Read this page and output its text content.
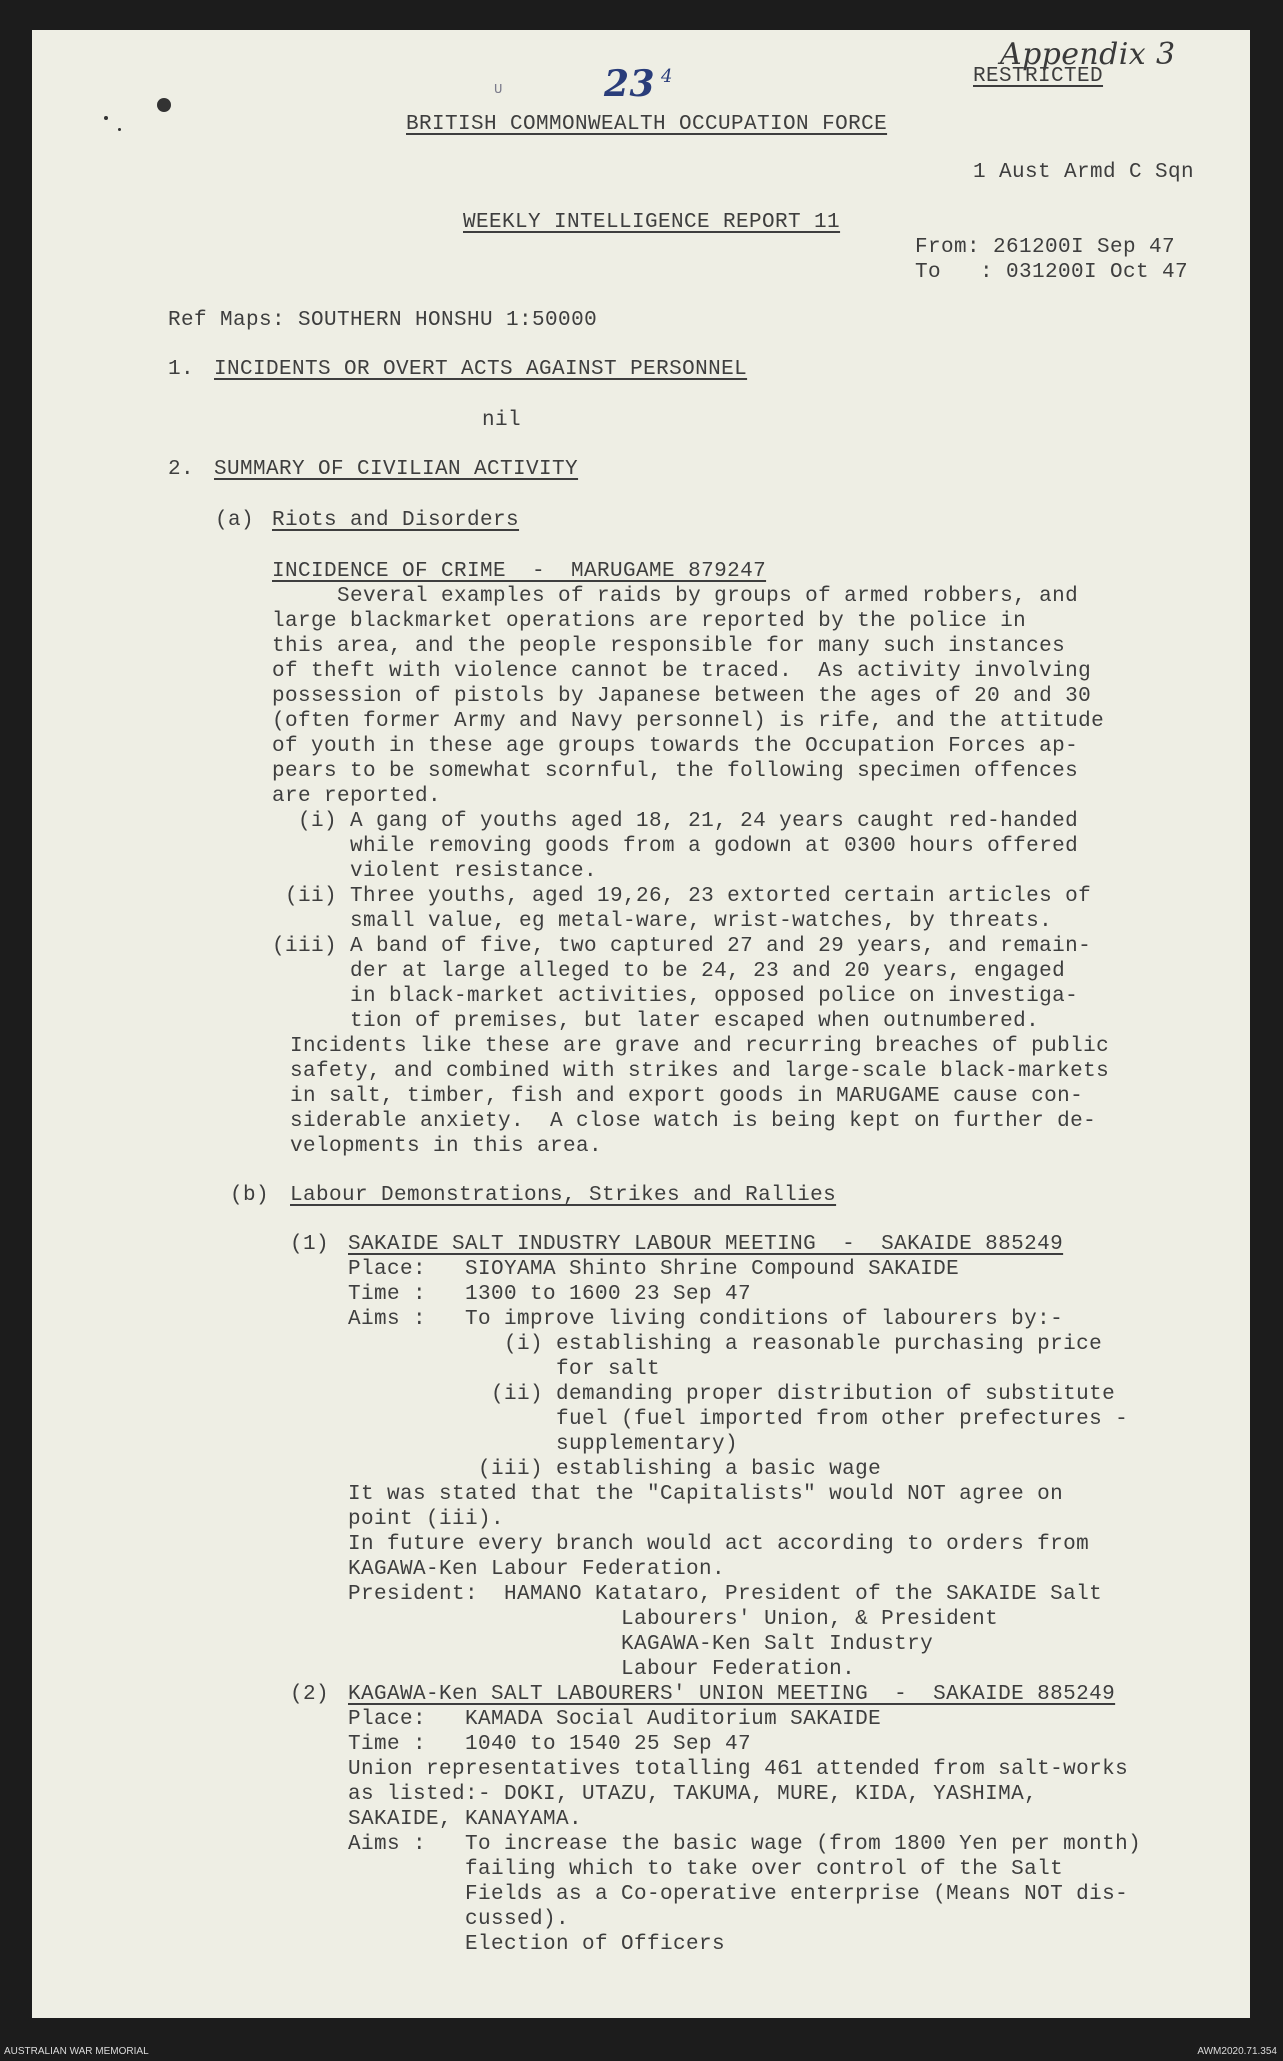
U	23 4
Appendix 3
RESTRICTED
BRITISH COMMONWEALTH OCCUPATION FORCE
1 Aust Armd C Sqn
WEEKLY INTELLIGENCE REPORT 11
From: 261200I Sep 47
To   : 031200I Oct 47
Ref Maps: SOUTHERN HONSHU 1:50000
1. INCIDENTS OR OVERT ACTS AGAINST PERSONNEL
nil
2. SUMMARY OF CIVILIAN ACTIVITY
(a) Riots and Disorders
INCIDENCE OF CRIME  -  MARUGAME 879247
Several examples of raids by groups of armed robbers, and
large blackmarket operations are reported by the police in
this area, and the people responsible for many such instances
of theft with violence cannot be traced.  As activity involving
possession of pistols by Japanese between the ages of 20 and 30
(often former Army and Navy personnel) is rife, and the attitude
of youth in these age groups towards the Occupation Forces ap-
pears to be somewhat scornful, the following specimen offences
are reported.
(i) A gang of youths aged 18, 21, 24 years caught red-handed
while removing goods from a godown at 0300 hours offered
violent resistance.
(ii) Three youths, aged 19,26, 23 extorted certain articles of
small value, eg metal-ware, wrist-watches, by threats.
(iii) A band of five, two captured 27 and 29 years, and remain-
der at large alleged to be 24, 23 and 20 years, engaged
in black-market activities, opposed police on investiga-
tion of premises, but later escaped when outnumbered.
Incidents like these are grave and recurring breaches of public
safety, and combined with strikes and large-scale black-markets
in salt, timber, fish and export goods in MARUGAME cause con-
siderable anxiety.  A close watch is being kept on further de-
velopments in this area.
(b) Labour Demonstrations, Strikes and Rallies
(1) SAKAIDE SALT INDUSTRY LABOUR MEETING  -  SAKAIDE 885249
Place:   SIOYAMA Shinto Shrine Compound SAKAIDE
Time :   1300 to 1600 23 Sep 47
Aims :   To improve living conditions of labourers by:-
(i) establishing a reasonable purchasing price
for salt
(ii) demanding proper distribution of substitute
fuel (fuel imported from other prefectures -
supplementary)
(iii) establishing a basic wage
It was stated that the "Capitalists" would NOT agree on
point (iii).
In future every branch would act according to orders from
KAGAWA-Ken Labour Federation.
President:  HAMANO Katataro, President of the SAKAIDE Salt
Labourers' Union, & President
KAGAWA-Ken Salt Industry
Labour Federation.
(2) KAGAWA-Ken SALT LABOURERS' UNION MEETING  -  SAKAIDE 885249
Place:   KAMADA Social Auditorium SAKAIDE
Time :   1040 to 1540 25 Sep 47
Union representatives totalling 461 attended from salt-works
as listed:- DOKI, UTAZU, TAKUMA, MURE, KIDA, YASHIMA,
SAKAIDE, KANAYAMA.
Aims :   To increase the basic wage (from 1800 Yen per month)
failing which to take over control of the Salt
Fields as a Co-operative enterprise (Means NOT dis-
cussed).
Election of Officers
AUSTRALIAN WAR MEMORIAL	AWM2020.71.354
